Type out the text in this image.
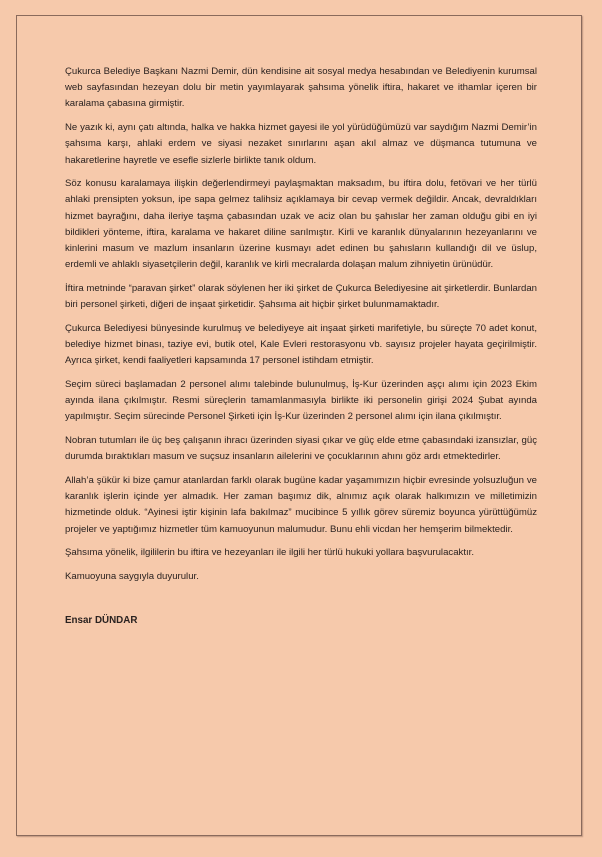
Çukurca Belediye Başkanı Nazmi Demir, dün kendisine ait sosyal medya hesabından ve Belediyenin kurumsal web sayfasından hezeyan dolu bir metin yayımlayarak şahsıma yönelik iftira, hakaret ve ithamlar içeren bir karalama çabasına girmiştir.

Ne yazık ki, aynı çatı altında, halka ve hakka hizmet gayesi ile yol yürüdüğümüzü var saydığım Nazmi Demir’in şahsıma karşı, ahlaki erdem ve siyasi nezaket sınırlarını aşan akıl almaz ve düşmanca tutumuna ve hakaretlerine hayretle ve esefle sizlerle birlikte tanık oldum.

Söz konusu karalamaya ilişkin değerlendirmeyi paylaşmaktan maksadım, bu iftira dolu, fetövari ve her türlü ahlaki prensipten yoksun, ipe sapa gelmez talihsiz açıklamaya bir cevap vermek değildir. Ancak, devraldıkları hizmet bayrağını, daha ileriye taşma çabasından uzak ve aciz olan bu şahıslar her zaman olduğu gibi en iyi bildikleri yönteme, iftira, karalama ve hakaret diline sarılmıştır. Kirli ve karanlık dünyalarının hezeyanlarını ve kinlerini masum ve mazlum insanların üzerine kusmayı adet edinen bu şahısların kullandığı dil ve üslup, erdemli ve ahlaklı siyasetçilerin değil, karanlık ve kirli mecralarda dolaşan malum zihniyetin ürünüdür.

İftira metninde “paravan şirket” olarak söylenen her iki şirket de Çukurca Belediyesine ait şirketlerdir. Bunlardan biri personel şirketi, diğeri de inşaat şirketidir. Şahsıma ait hiçbir şirket bulunmamaktadır.

Çukurca Belediyesi bünyesinde kurulmuş ve belediyeye ait inşaat şirketi marifetiyle, bu süreçte 70 adet konut, belediye hizmet binası, taziye evi, butik otel, Kale Evleri restorasyonu vb. sayısız projeler hayata geçirilmiştir. Ayrıca şirket, kendi faaliyetleri kapsamında 17 personel istihdam etmiştir.

Seçim süreci başlamadan 2 personel alımı talebinde bulunulmuş, İş-Kur üzerinden aşçı alımı için 2023 Ekim ayında ilana çıkılmıştır. Resmi süreçlerin tamamlanmasıyla birlikte iki personelin girişi 2024 Şubat ayında yapılmıştır. Seçim sürecinde Personel Şirketi için İş-Kur üzerinden 2 personel alımı için ilana çıkılmıştır.

Nobran tutumları ile üç beş çalışanın ihracı üzerinden siyasi çıkar ve güç elde etme çabasındaki izansızlar, güç durumda bıraktıkları masum ve suçsuz insanların ailelerini ve çocuklarının ahını göz ardı etmektedirler.

Allah’a şükür ki bize çamur atanlardan farklı olarak bugüne kadar yaşamımızın hiçbir evresinde yolsuzluğun ve karanlık işlerin içinde yer almadık. Her zaman başımız dik, alnımız açık olarak halkımızın ve milletimizin hizmetinde olduk. “Ayinesi iştir kişinin lafa bakılmaz” mucibince 5 yıllık görev süremiz boyunca yürüttüğümüz projeler ve yaptığımız hizmetler tüm kamuoyunun malumudur. Bunu ehli vicdan her hemşerim bilmektedir.

Şahsıma yönelik, ilgililerin bu iftira ve hezeyanları ile ilgili her türlü hukuki yollara başvurulacaktır.

Kamuoyuna saygıyla duyurulur.

Ensar DÜNDAR
